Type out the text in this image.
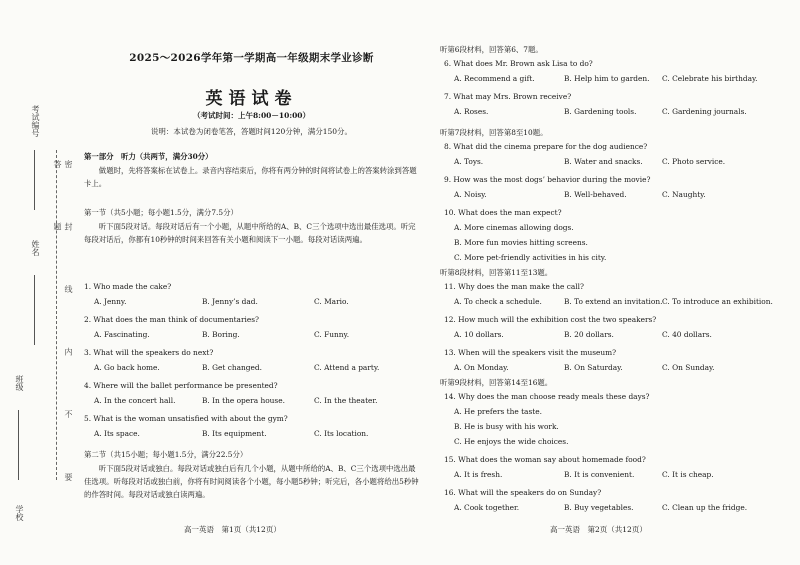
考试编号
姓名
班级
学校
密 封 线 内 不 要 答 题
2025～2026学年第一学期高一年级期末学业诊断
英语试卷
（考试时间：上午8:00－10:00）
说明：本试卷为闭卷笔答，答题时间120分钟，满分150分。
第一部分　听力（共两节，满分30分）
做题时，先将答案标在试卷上。录音内容结束后，你将有两分钟的时间将试卷上的答案转涂到答题卡上。
第一节（共5小题；每小题1.5分，满分7.5分）
听下面5段对话。每段对话后有一个小题，从题中所给的A、B、C三个选项中选出最佳选项。听完每段对话后，你都有10秒钟的时间来回答有关小题和阅读下一小题。每段对话读两遍。
1. Who made the cake?
A. Jenny.	B. Jenny’s dad.	C. Mario.
2. What does the man think of documentaries?
A. Fascinating.	B. Boring.	C. Funny.
3. What will the speakers do next?
A. Go back home.	B. Get changed.	C. Attend a party.
4. Where will the ballet performance be presented?
A. In the concert hall.	B. In the opera house.	C. In the theater.
5. What is the woman unsatisfied with about the gym?
A. Its space.	B. Its equipment.	C. Its location.
第二节（共15小题；每小题1.5分，满分22.5分）
听下面5段对话或独白。每段对话或独白后有几个小题，从题中所给的A、B、C三个选项中选出最佳选项。听每段对话或独白前，你将有时间阅读各个小题，每小题5秒钟；听完后，各小题将给出5秒钟的作答时间。每段对话或独白读两遍。
高一英语　第1页（共12页）
听第6段材料，回答第6、7题。
6. What does Mr. Brown ask Lisa to do?
A. Recommend a gift.	B. Help him to garden. C. Celebrate his birthday.
7. What may Mrs. Brown receive?
A. Roses.	B. Gardening tools.	C. Gardening journals.
听第7段材料，回答第8至10题。
8. What did the cinema prepare for the dog audience?
A. Toys.	B. Water and snacks.	C. Photo service.
9. How was the most dogs’ behavior during the movie?
A. Noisy.	B. Well-behaved.	C. Naughty.
10. What does the man expect?
A. More cinemas allowing dogs.
B. More fun movies hitting screens.
C. More pet-friendly activities in his city.
听第8段材料，回答第11至13题。
11. Why does the man make the call?
A. To check a schedule.	B. To extend an invitation. C. To introduce an exhibition.
12. How much will the exhibition cost the two speakers?
A. 10 dollars.	B. 20 dollars.	C. 40 dollars.
13. When will the speakers visit the museum?
A. On Monday.	B. On Saturday.	C. On Sunday.
听第9段材料，回答第14至16题。
14. Why does the man choose ready meals these days?
A. He prefers the taste.
B. He is busy with his work.
C. He enjoys the wide choices.
15. What does the woman say about homemade food?
A. It is fresh.	B. It is convenient.	C. It is cheap.
16. What will the speakers do on Sunday?
A. Cook together.	B. Buy vegetables.	C. Clean up the fridge.
高一英语　第2页（共12页）
